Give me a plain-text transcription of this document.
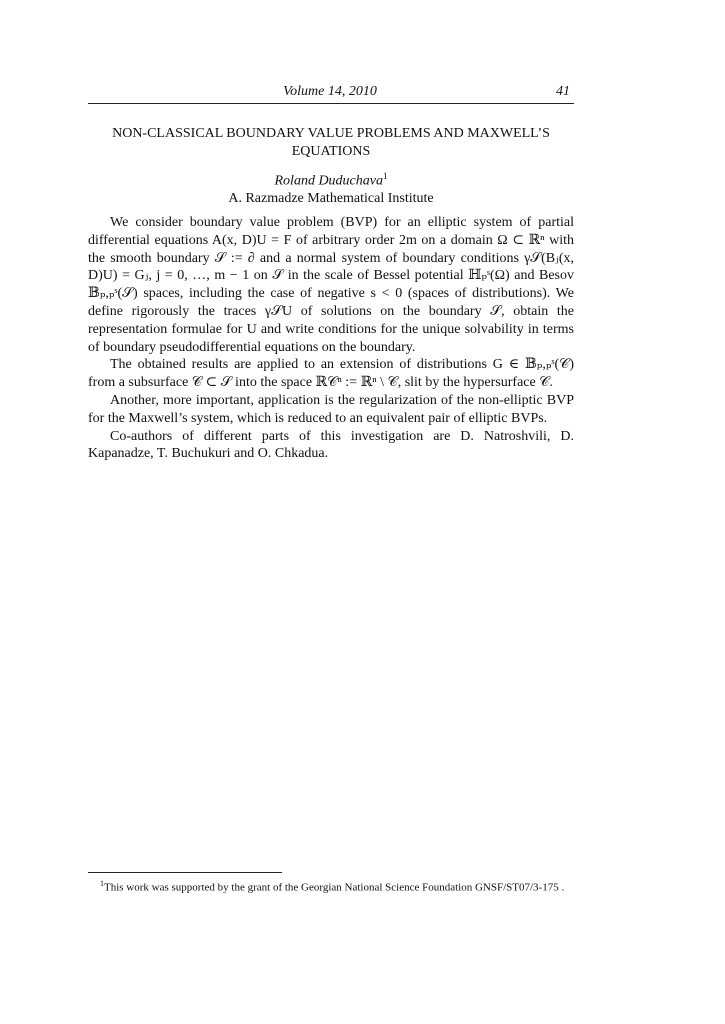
Volume 14, 2010	41
NON-CLASSICAL BOUNDARY VALUE PROBLEMS AND MAXWELL’S EQUATIONS
Roland Duduchava$^1$
A. Razmadze Mathematical Institute

We consider boundary value problem (BVP) for an elliptic system of partial differential equations A(x, D)U = F of arbitrary order 2m on a domain Ω ⊂ ℝⁿ with the smooth boundary 𝒮 := ∂ and a normal system of boundary conditions γ𝒮(Bⱼ(x, D)U) = Gⱼ, j = 0, …, m − 1 on 𝒮 in the scale of Bessel potential ℍₚˢ(Ω) and Besov 𝔹ₚ,ₚˢ(𝒮) spaces, including the case of negative s < 0 (spaces of distributions). We define rigorously the traces γ𝒮U of solutions on the boundary 𝒮, obtain the representation formulae for U and write conditions for the unique solvability in terms of boundary pseudodifferential equations on the boundary.

The obtained results are applied to an extension of distributions G ∈ 𝔹ₚ,ₚˢ(𝒞) from a subsurface 𝒞 ⊂ 𝒮 into the space ℝ𝒞ⁿ := ℝⁿ \ 𝒞, slit by the hypersurface 𝒞.

Another, more important, application is the regularization of the non-elliptic BVP for the Maxwell’s system, which is reduced to an equivalent pair of elliptic BVPs.

Co-authors of different parts of this investigation are D. Natroshvili, D. Kapanadze, T. Buchukuri and O. Chkadua.

$^1$This work was supported by the grant of the Georgian National Science Foundation GNSF/ST07/3-175 .
